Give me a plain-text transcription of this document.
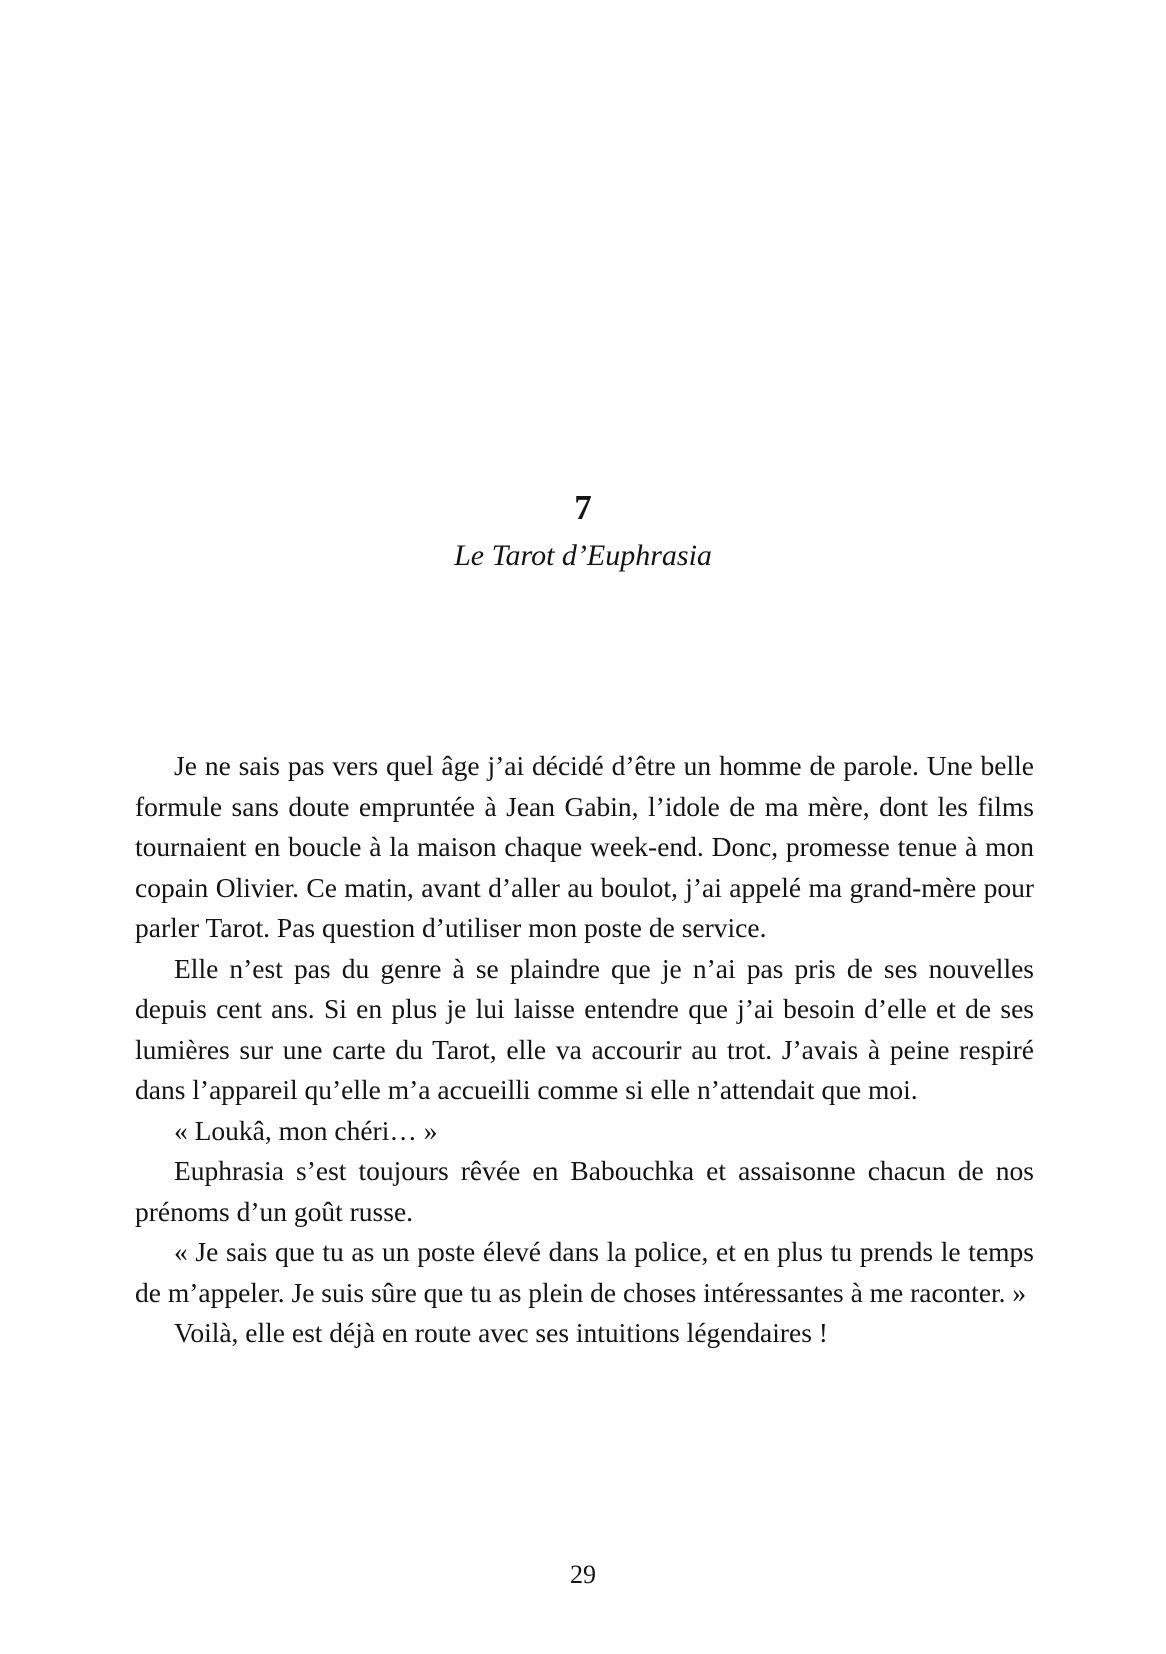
7
Le Tarot d’Euphrasia

Je ne sais pas vers quel âge j’ai décidé d’être un homme de parole. Une belle formule sans doute empruntée à Jean Gabin, l’idole de ma mère, dont les films tournaient en boucle à la maison chaque week-end. Donc, promesse tenue à mon copain Olivier. Ce matin, avant d’aller au boulot, j’ai appelé ma grand-mère pour parler Tarot. Pas question d’utiliser mon poste de service.

Elle n’est pas du genre à se plaindre que je n’ai pas pris de ses nouvelles depuis cent ans. Si en plus je lui laisse entendre que j’ai besoin d’elle et de ses lumières sur une carte du Tarot, elle va accourir au trot. J’avais à peine respiré dans l’appareil qu’elle m’a accueilli comme si elle n’attendait que moi.

« Loukâ, mon chéri… »

Euphrasia s’est toujours rêvée en Babouchka et assaisonne chacun de nos prénoms d’un goût russe.

« Je sais que tu as un poste élevé dans la police, et en plus tu prends le temps de m’appeler. Je suis sûre que tu as plein de choses intéressantes à me raconter. »

Voilà, elle est déjà en route avec ses intuitions légendaires !

29
